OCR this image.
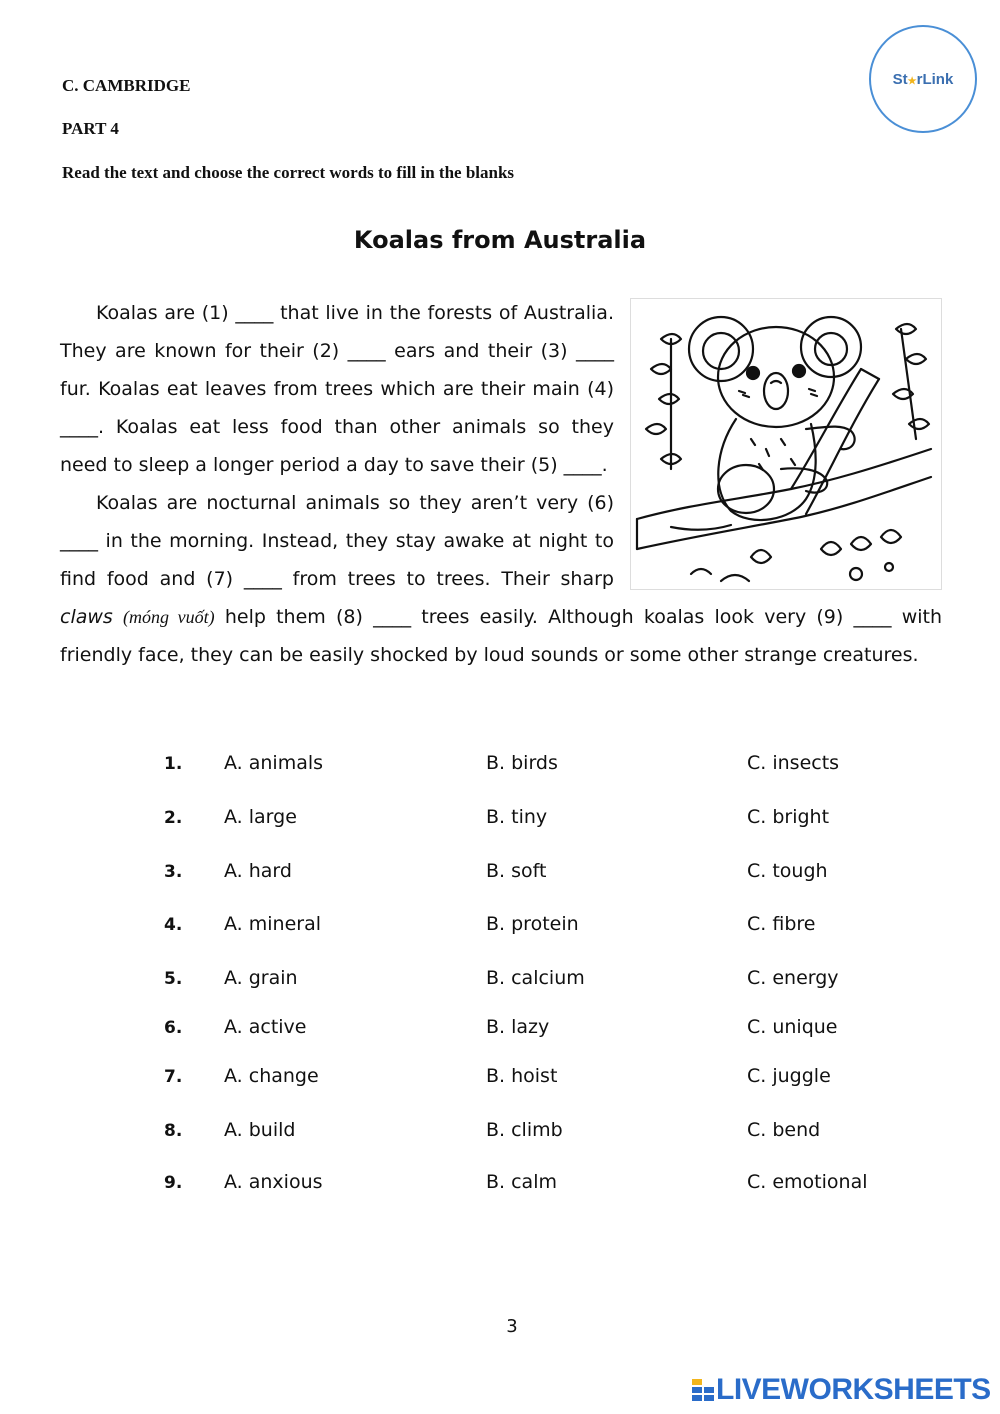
C. CAMBRIDGE
PART 4
Read the text and choose the correct words to fill in the blanks
St★rLink
Koalas from Australia

Koalas are (1) ____ that live in the forests of Australia. They are known for their (2) ____ ears and their (3) ____ fur. Koalas eat leaves from trees which are their main (4) ____. Koalas eat less food than other animals so they need to sleep a longer period a day to save their (5) ____.

Koalas are nocturnal animals so they aren’t very (6) ____ in the morning. Instead, they stay awake at night to find food and (7) ____ from trees to trees. Their sharp claws (móng vuốt) help them (8) ____ trees easily. Although koalas look very (9) ____ with friendly face, they can be easily shocked by loud sounds or some other strange creatures.

1. A. animals	B. birds	C. insects
2. A. large	B. tiny	C. bright
3. A. hard	B. soft	C. tough
4. A. mineral	B. protein	C. fibre
5. A. grain	B. calcium	C. energy
6. A. active	B. lazy	C. unique
7. A. change	B. hoist	C. juggle
8. A. build	B. climb	C. bend
9. A. anxious	B. calm	C. emotional
3
LIVEWORKSHEETS
